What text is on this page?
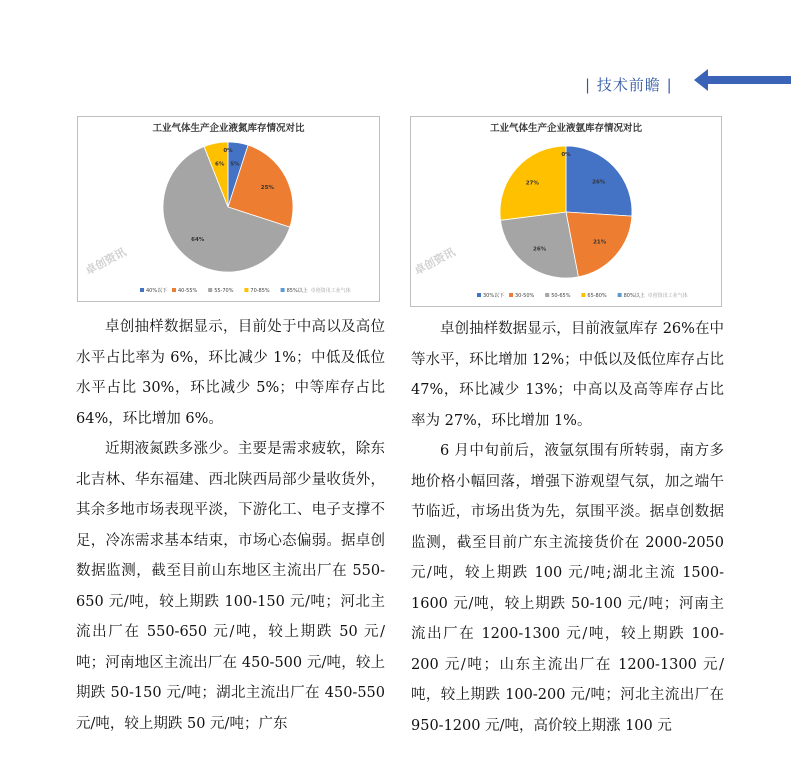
| 技术前瞻 |
工业气体生产企业液氮库存情况对比
5%
25%
64%
6%
0%
卓创资讯
40%以下 40-55%	55-70%	70-85%	85%以上 卓创资讯工业气体
工业气体生产企业液氩库存情况对比
26%
21%
26%
27%
0%
卓创资讯
30%以下 30-50%	50-65%	65-80%	80%以上 卓创资讯工业气体

卓创抽样数据显示，目前处于中高以及高位水平占比率为 6%，环比减少 1%；中低及低位水平占比 30%，环比减少 5%；中等库存占比 64%，环比增加 6%。

近期液氮跌多涨少。主要是需求疲软，除东北吉林、华东福建、西北陕西局部少量收货外，其余多地市场表现平淡，下游化工、电子支撑不足，冷冻需求基本结束，市场心态偏弱。据卓创数据监测，截至目前山东地区主流出厂在 550-650 元/吨，较上期跌 100-150 元/吨；河北主流出厂在 550-650 元/吨，较上期跌 50 元/吨；河南地区主流出厂在 450-500 元/吨，较上期跌 50-150 元/吨；湖北主流出厂在 450-550 元/吨，较上期跌 50 元/吨；广东

卓创抽样数据显示，目前液氩库存 26%在中等水平，环比增加 12%；中低以及低位库存占比 47%，环比减少 13%；中高以及高等库存占比率为 27%，环比增加 1%。

6 月中旬前后，液氩氛围有所转弱，南方多地价格小幅回落，增强下游观望气氛，加之端午节临近，市场出货为先，氛围平淡。据卓创数据监测，截至目前广东主流接货价在 2000-2050 元/吨，较上期跌 100 元/吨;湖北主流 1500-1600 元/吨，较上期跌 50-100 元/吨；河南主流出厂在 1200-1300 元/吨，较上期跌 100-200 元/吨；山东主流出厂在 1200-1300 元/吨，较上期跌 100-200 元/吨；河北主流出厂在 950-1200 元/吨，高价较上期涨 100 元
